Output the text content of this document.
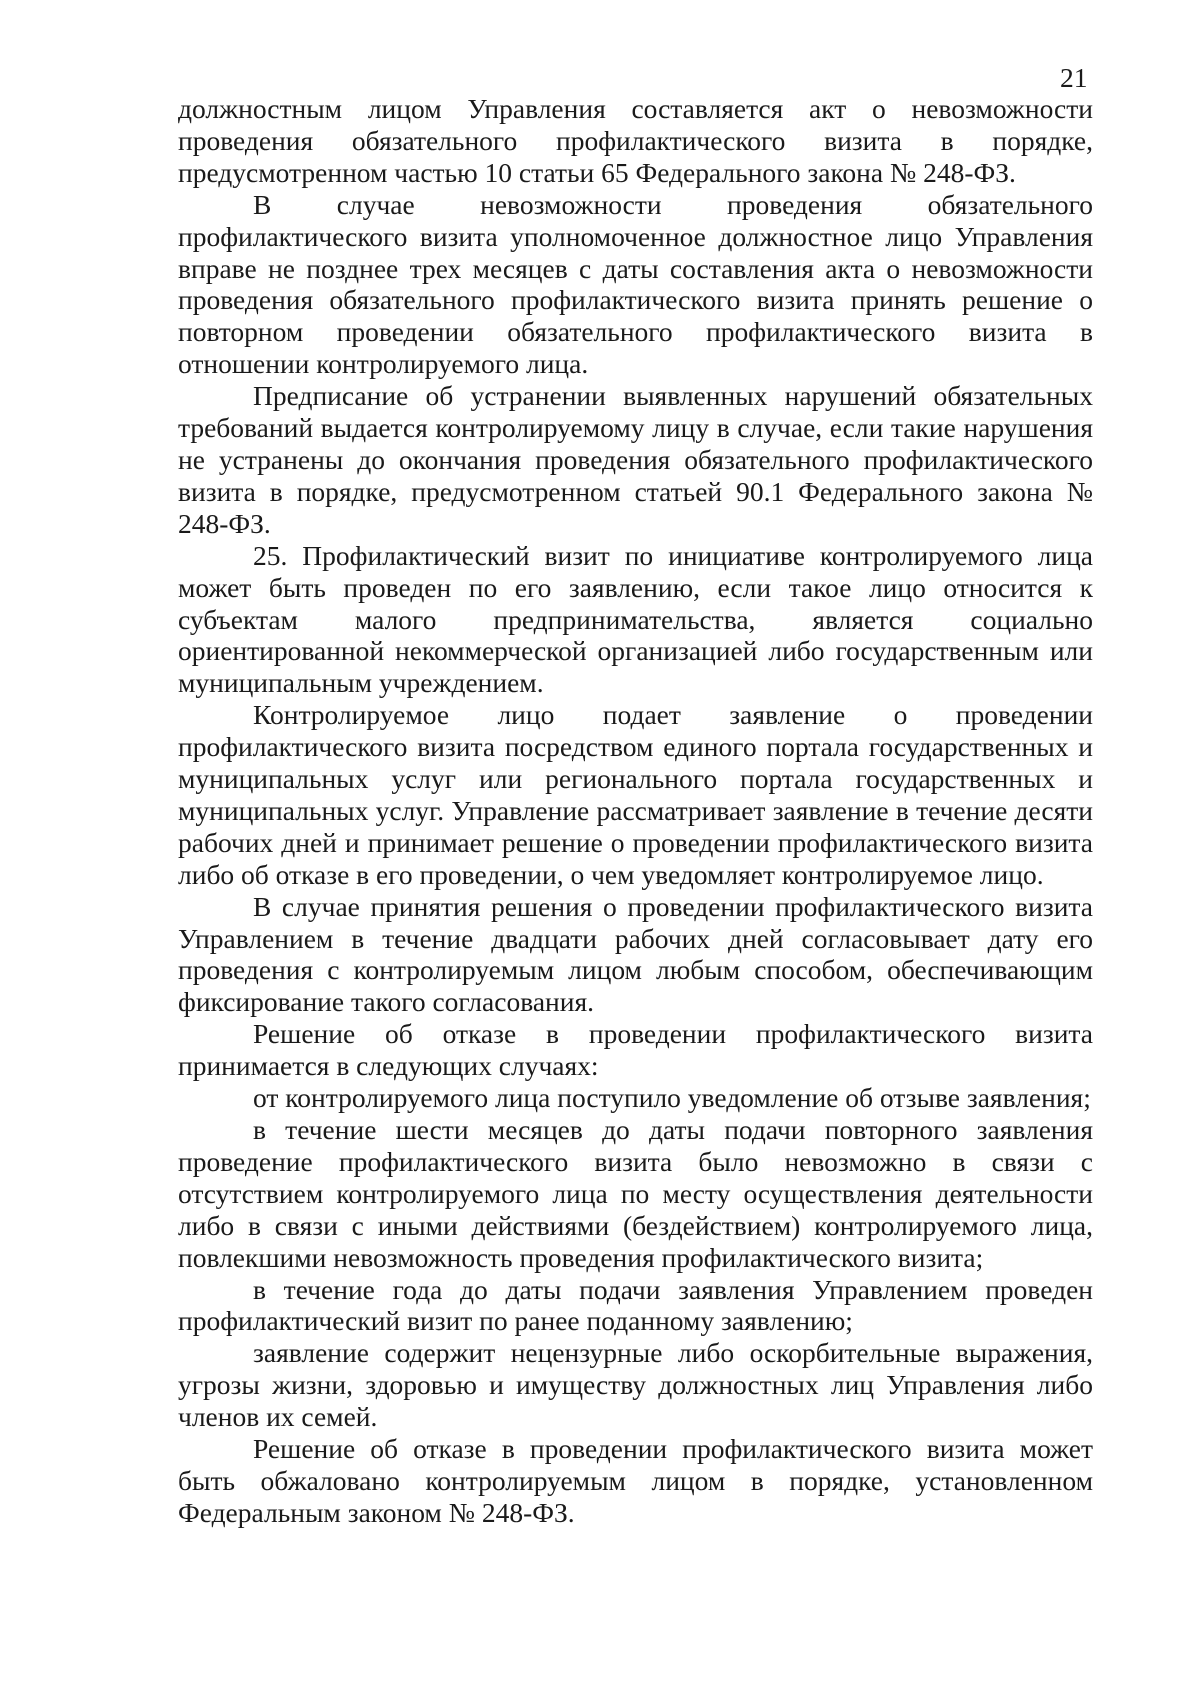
21

должностным лицом Управления составляется акт о невозможности проведения обязательного профилактического визита в порядке, предусмотренном частью 10 статьи 65 Федерального закона № 248-ФЗ.

В случае невозможности проведения обязательного профилактического визита уполномоченное должностное лицо Управления вправе не позднее трех месяцев с даты составления акта о невозможности проведения обязательного профилактического визита принять решение о повторном проведении обязательного профилактического визита в отношении контролируемого лица.

Предписание об устранении выявленных нарушений обязательных требований выдается контролируемому лицу в случае, если такие нарушения не устранены до окончания проведения обязательного профилактического визита в порядке, предусмотренном статьей 90.1 Федерального закона № 248-ФЗ.

25. Профилактический визит по инициативе контролируемого лица может быть проведен по его заявлению, если такое лицо относится к субъектам малого предпринимательства, является социально ориентированной некоммерческой организацией либо государственным или муниципальным учреждением.

Контролируемое лицо подает заявление о проведении профилактического визита посредством единого портала государственных и муниципальных услуг или регионального портала государственных и муниципальных услуг. Управление рассматривает заявление в течение десяти рабочих дней и принимает решение о проведении профилактического визита либо об отказе в его проведении, о чем уведомляет контролируемое лицо.

В случае принятия решения о проведении профилактического визита Управлением в течение двадцати рабочих дней согласовывает дату его проведения с контролируемым лицом любым способом, обеспечивающим фиксирование такого согласования.

Решение об отказе в проведении профилактического визита принимается в следующих случаях:

от контролируемого лица поступило уведомление об отзыве заявления;

в течение шести месяцев до даты подачи повторного заявления проведение профилактического визита было невозможно в связи с отсутствием контролируемого лица по месту осуществления деятельности либо в связи с иными действиями (бездействием) контролируемого лица, повлекшими невозможность проведения профилактического визита;

в течение года до даты подачи заявления Управлением проведен профилактический визит по ранее поданному заявлению;

заявление содержит нецензурные либо оскорбительные выражения, угрозы жизни, здоровью и имуществу должностных лиц Управления либо членов их семей.

Решение об отказе в проведении профилактического визита может быть обжаловано контролируемым лицом в порядке, установленном Федеральным законом № 248-ФЗ.
